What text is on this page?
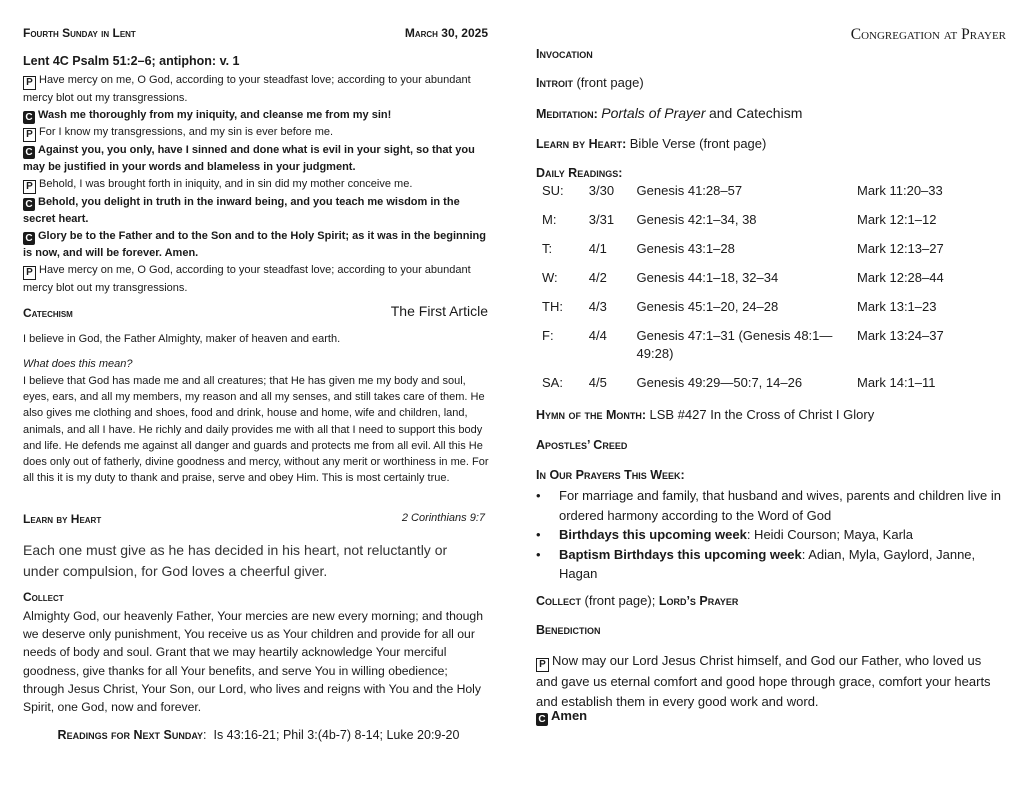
Fourth Sunday in Lent	March 30, 2025
Lent 4C Psalm 51:2–6; antiphon: v. 1
P Have mercy on me, O God, according to your steadfast love; according to your abundant mercy blot out my transgressions.
C Wash me thoroughly from my iniquity, and cleanse me from my sin!
P For I know my transgressions, and my sin is ever before me.
C Against you, you only, have I sinned and done what is evil in your sight, so that you may be justified in your words and blameless in your judgment.
P Behold, I was brought forth in iniquity, and in sin did my mother conceive me.
C Behold, you delight in truth in the inward being, and you teach me wisdom in the secret heart.
C Glory be to the Father and to the Son and to the Holy Spirit; as it was in the beginning is now, and will be forever. Amen.
P Have mercy on me, O God, according to your steadfast love; according to your abundant mercy blot out my transgressions.
Catechism	The First Article
I believe in God, the Father Almighty, maker of heaven and earth.
What does this mean?
I believe that God has made me and all creatures; that He has given me my body and soul, eyes, ears, and all my members, my reason and all my senses, and still takes care of them. He also gives me clothing and shoes, food and drink, house and home, wife and children, land, animals, and all I have. He richly and daily provides me with all that I need to support this body and life. He defends me against all danger and guards and protects me from all evil. All this He does only out of fatherly, divine goodness and mercy, without any merit or worthiness in me. For all this it is my duty to thank and praise, serve and obey Him. This is most certainly true.
Learn by Heart	2 Corinthians 9:7
Each one must give as he has decided in his heart, not reluctantly or under compulsion, for God loves a cheerful giver.
Collect
Almighty God, our heavenly Father, Your mercies are new every morning; and though we deserve only punishment, You receive us as Your children and provide for all our needs of body and soul. Grant that we may heartily acknowledge Your merciful goodness, give thanks for all Your benefits, and serve You in willing obedience; through Jesus Christ, Your Son, our Lord, who lives and reigns with You and the Holy Spirit, one God, now and forever.
Readings for Next Sunday:  Is 43:16-21; Phil 3:(4b-7) 8-14; Luke 20:9-20
Congregation at Prayer
Invocation
Introit (front page)
Meditation: Portals of Prayer and Catechism
Learn by Heart: Bible Verse (front page)
Daily Readings:
SU:	3/30	Genesis 41:28–57	Mark 11:20–33
M:	3/31	Genesis 42:1–34, 38	Mark 12:1–12
T:	4/1	Genesis 43:1–28	Mark 12:13–27
W:	4/2	Genesis 44:1–18, 32–34	Mark 12:28–44
TH:	4/3	Genesis 45:1–20, 24–28	Mark 13:1–23
F:	4/4	Genesis 47:1–31 (Genesis 48:1—49:28)	Mark 13:24–37
SA:	4/5	Genesis 49:29—50:7, 14–26	Mark 14:1–11
Hymn of the Month: LSB #427 In the Cross of Christ I Glory
Apostles’ Creed
In Our Prayers This Week:
• For marriage and family, that husband and wives, parents and children live in ordered harmony according to the Word of God
• Birthdays this upcoming week: Heidi Courson; Maya, Karla
• Baptism Birthdays this upcoming week: Adian, Myla, Gaylord, Janne, Hagan
Collect (front page); Lord’s Prayer
Benediction
P Now may our Lord Jesus Christ himself, and God our Father, who loved us and gave us eternal comfort and good hope through grace, comfort your hearts and establish them in every good work and word.
C Amen
